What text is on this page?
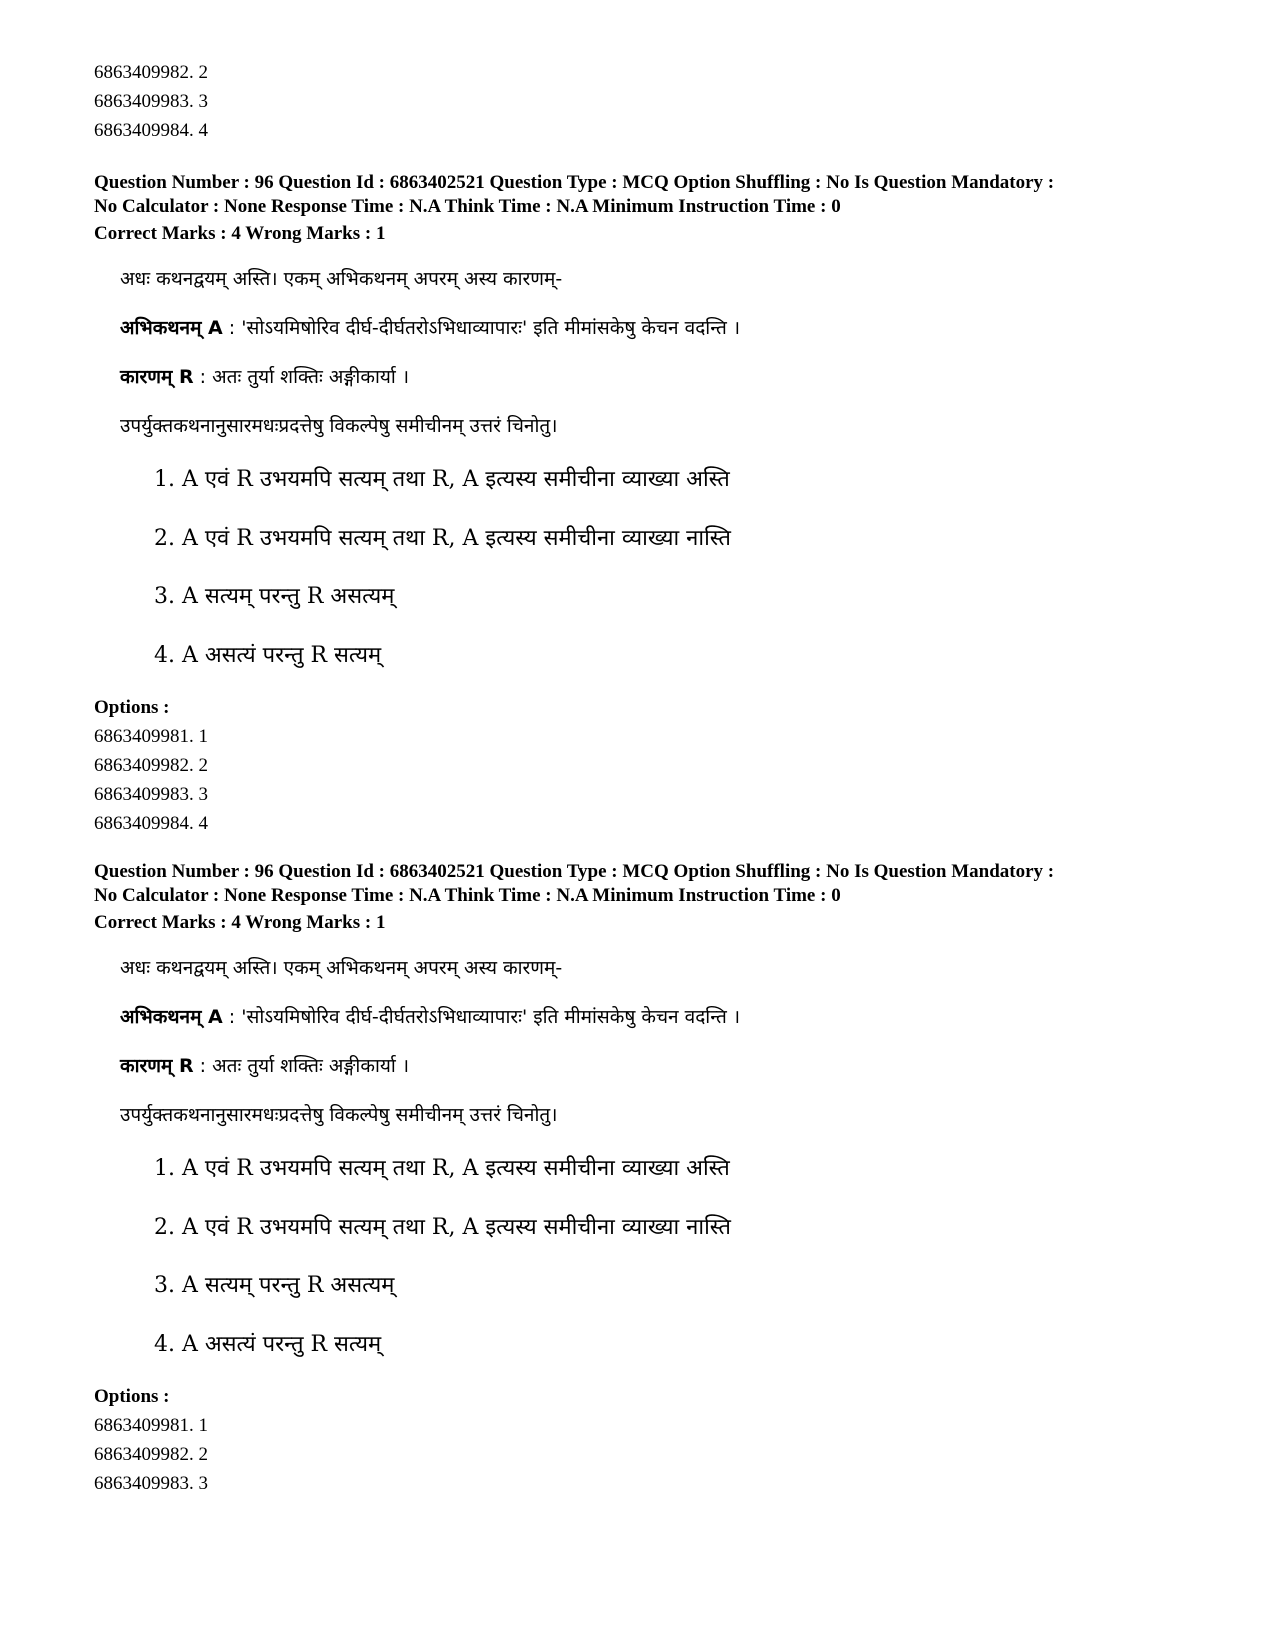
6863409982. 2
6863409983. 3
6863409984. 4
Question Number : 96 Question Id : 6863402521 Question Type : MCQ Option Shuffling : No Is Question Mandatory :
No Calculator : None Response Time : N.A Think Time : N.A Minimum Instruction Time : 0
Correct Marks : 4 Wrong Marks : 1
अधः कथनद्वयम् अस्ति। एकम् अभिकथनम् अपरम् अस्य कारणम्-
अभिकथनम् A : 'सोऽयमिषोरिव दीर्घ-दीर्घतरोऽभिधाव्यापारः' इति मीमांसकेषु केचन वदन्ति ।
कारणम् R : अतः तुर्या शक्तिः अङ्गीकार्या ।
उपर्युक्तकथनानुसारमधःप्रदत्तेषु विकल्पेषु समीचीनम् उत्तरं चिनोतु।
1. A एवं R उभयमपि सत्यम् तथा R, A इत्यस्य समीचीना व्याख्या अस्ति
2. A एवं R उभयमपि सत्यम् तथा R, A इत्यस्य समीचीना व्याख्या नास्ति
3. A सत्यम् परन्तु R असत्यम्
4. A असत्यं परन्तु R सत्यम्
Options :
6863409981. 1
6863409982. 2
6863409983. 3
6863409984. 4
Question Number : 96 Question Id : 6863402521 Question Type : MCQ Option Shuffling : No Is Question Mandatory :
No Calculator : None Response Time : N.A Think Time : N.A Minimum Instruction Time : 0
Correct Marks : 4 Wrong Marks : 1
अधः कथनद्वयम् अस्ति। एकम् अभिकथनम् अपरम् अस्य कारणम्-
अभिकथनम् A : 'सोऽयमिषोरिव दीर्घ-दीर्घतरोऽभिधाव्यापारः' इति मीमांसकेषु केचन वदन्ति ।
कारणम् R : अतः तुर्या शक्तिः अङ्गीकार्या ।
उपर्युक्तकथनानुसारमधःप्रदत्तेषु विकल्पेषु समीचीनम् उत्तरं चिनोतु।
1. A एवं R उभयमपि सत्यम् तथा R, A इत्यस्य समीचीना व्याख्या अस्ति
2. A एवं R उभयमपि सत्यम् तथा R, A इत्यस्य समीचीना व्याख्या नास्ति
3. A सत्यम् परन्तु R असत्यम्
4. A असत्यं परन्तु R सत्यम्
Options :
6863409981. 1
6863409982. 2
6863409983. 3
